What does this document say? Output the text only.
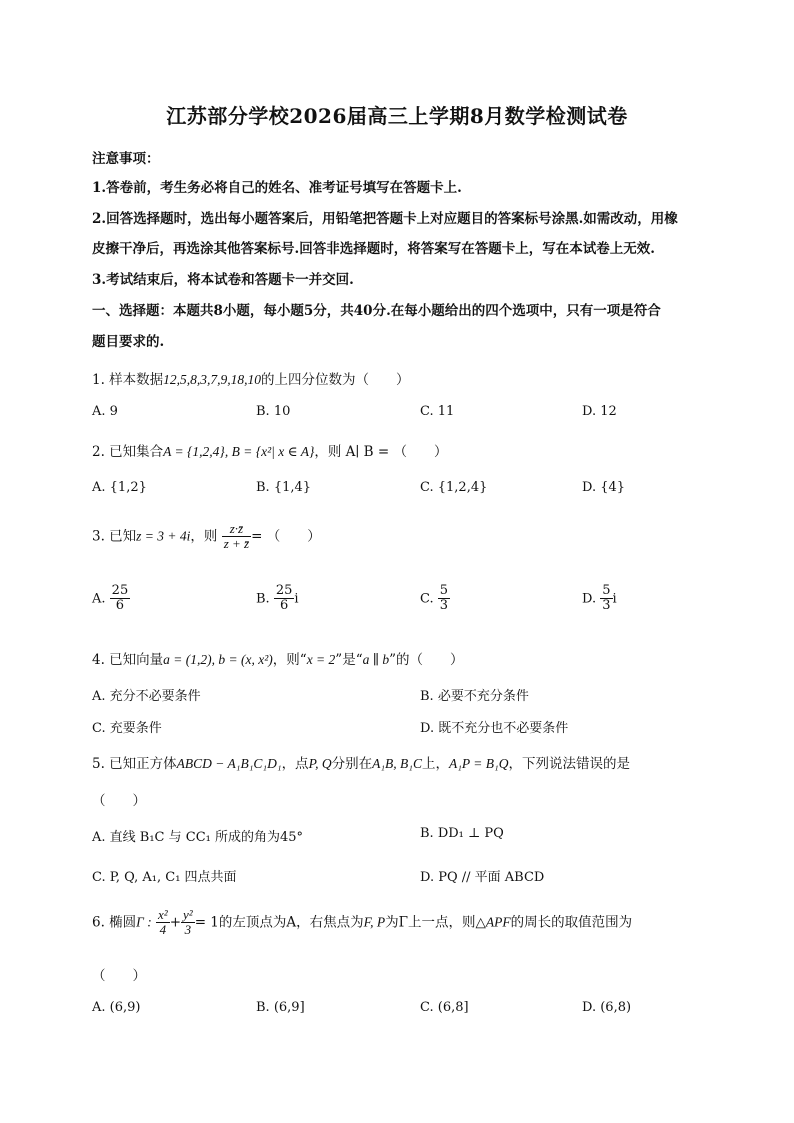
江苏部分学校2026届高三上学期8月数学检测试卷
注意事项：
1.答卷前，考生务必将自己的姓名、准考证号填写在答题卡上.
2.回答选择题时，选出每小题答案后，用铅笔把答题卡上对应题目的答案标号涂黑.如需改动，用橡
皮擦干净后，再选涂其他答案标号.回答非选择题时，将答案写在答题卡上，写在本试卷上无效.
3.考试结束后，将本试卷和答题卡一并交回.
一、选择题：本题共8小题，每小题5分，共40分.在每小题给出的四个选项中，只有一项是符合
题目要求的.
1. 样本数据12,5,8,3,7,9,18,10的上四分位数为（　　）
A. 9	B. 10	C. 11	D. 12
2. 已知集合A = {1,2,4}, B = {x²| x ∈ A}，则 A∣ B = （　　）
A. {1,2}	B. {1,4}	C. {1,2,4}	D. {4}
3. 已知z = 3 + 4i，则 $\frac{z\cdot z̄}{z + z̄}$ = （　　）
A. $\frac{25}{6}$	B. $\frac{25}{6}$ i	C. $\frac{5}{3}$	D. $\frac{5}{3}$ i
4. 已知向量a = (1,2), b = (x, x²)，则“x = 2”是“a ∥ b”的（　　）
A. 充分不必要条件	B. 必要不充分条件
C. 充要条件	D. 既不充分也不必要条件
5. 已知正方体ABCD − A₁B₁C₁D₁，点P, Q分别在A₁B, B₁C上，A₁P = B₁Q，下列说法错误的是
（　　）
A. 直线 B₁C 与 CC₁ 所成的角为45°	B. DD₁ ⊥ PQ
C. P, Q, A₁, C₁ 四点共面	D. PQ // 平面 ABCD
6. 椭圆Γ : $\frac{\text{x²}}{4} + \frac{\text{y²}}{3} = 1$的左顶点为A，右焦点为F, P为Γ上一点，则△APF的周长的取值范围为
（　　）
A. (6,9)	B. (6,9]	C. (6,8]	D. (6,8)
